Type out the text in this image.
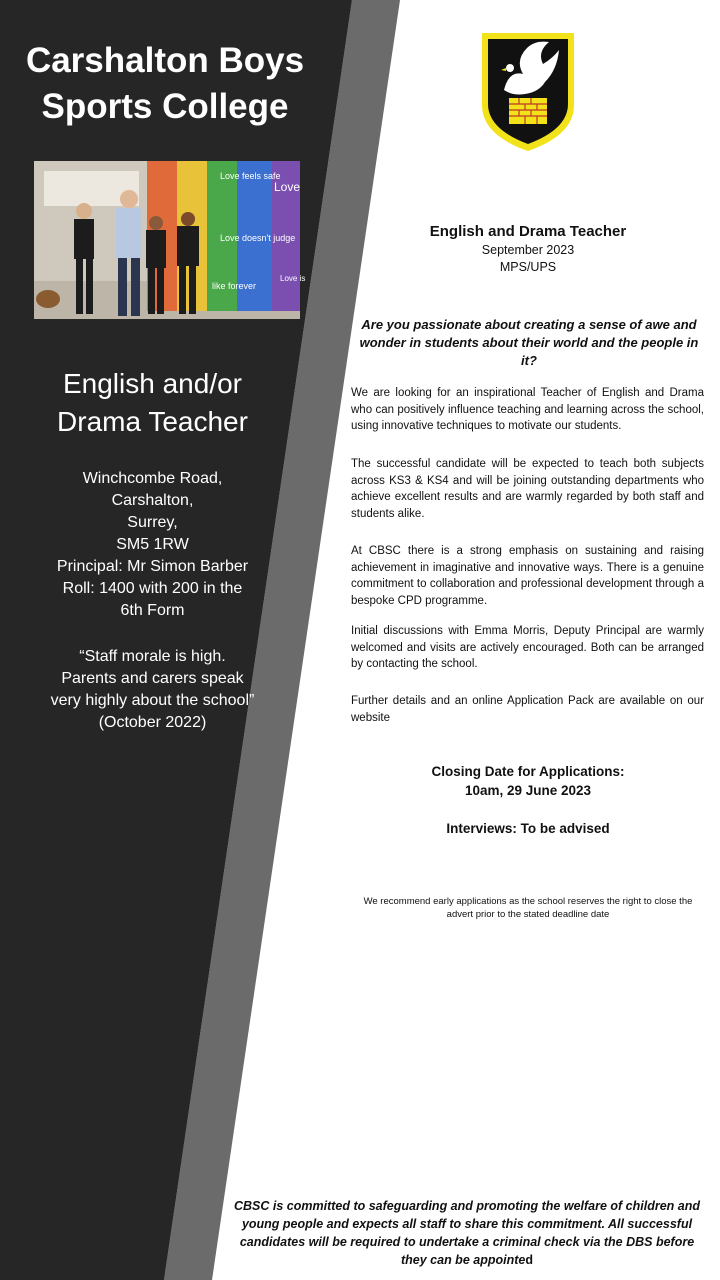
Carshalton Boys
Sports College
Love feels safe
Love
Love doesn't judge
like forever
Love is
English and/or
Drama Teacher
Winchcombe Road,
Carshalton,
Surrey,
SM5 1RW
Principal: Mr Simon Barber
Roll: 1400 with 200 in the
6th Form
“Staff morale is high. Parents and carers speak very highly about the school” (October 2022)
English and Drama Teacher
September 2023
MPS/UPS
Are you passionate about creating a sense of awe and wonder in students about their world and the people in it?
We are looking for an inspirational Teacher of English and Drama who can positively influence teaching and learning across the school, using innovative techniques to motivate our students.
The successful candidate will be expected to teach both subjects across KS3 & KS4 and will be joining outstanding departments who achieve excellent results and are warmly regarded by both staff and students alike.
At CBSC there is a strong emphasis on sustaining and raising achievement in imaginative and innovative ways. There is a genuine commitment to collaboration and professional development through a bespoke CPD programme.
Initial discussions with Emma Morris, Deputy Principal are warmly welcomed and visits are actively encouraged. Both can be arranged by contacting the school.
Further details and an online Application Pack are available on our website
Closing Date for Applications:
10am, 29 June 2023
Interviews: To be advised
We recommend early applications as the school reserves the right to close the advert prior to the stated deadline date
CBSC is committed to safeguarding and promoting the welfare of children and young people and expects all staff to share this commitment. All successful candidates will be required to undertake a criminal check via the DBS before they can be appointed
